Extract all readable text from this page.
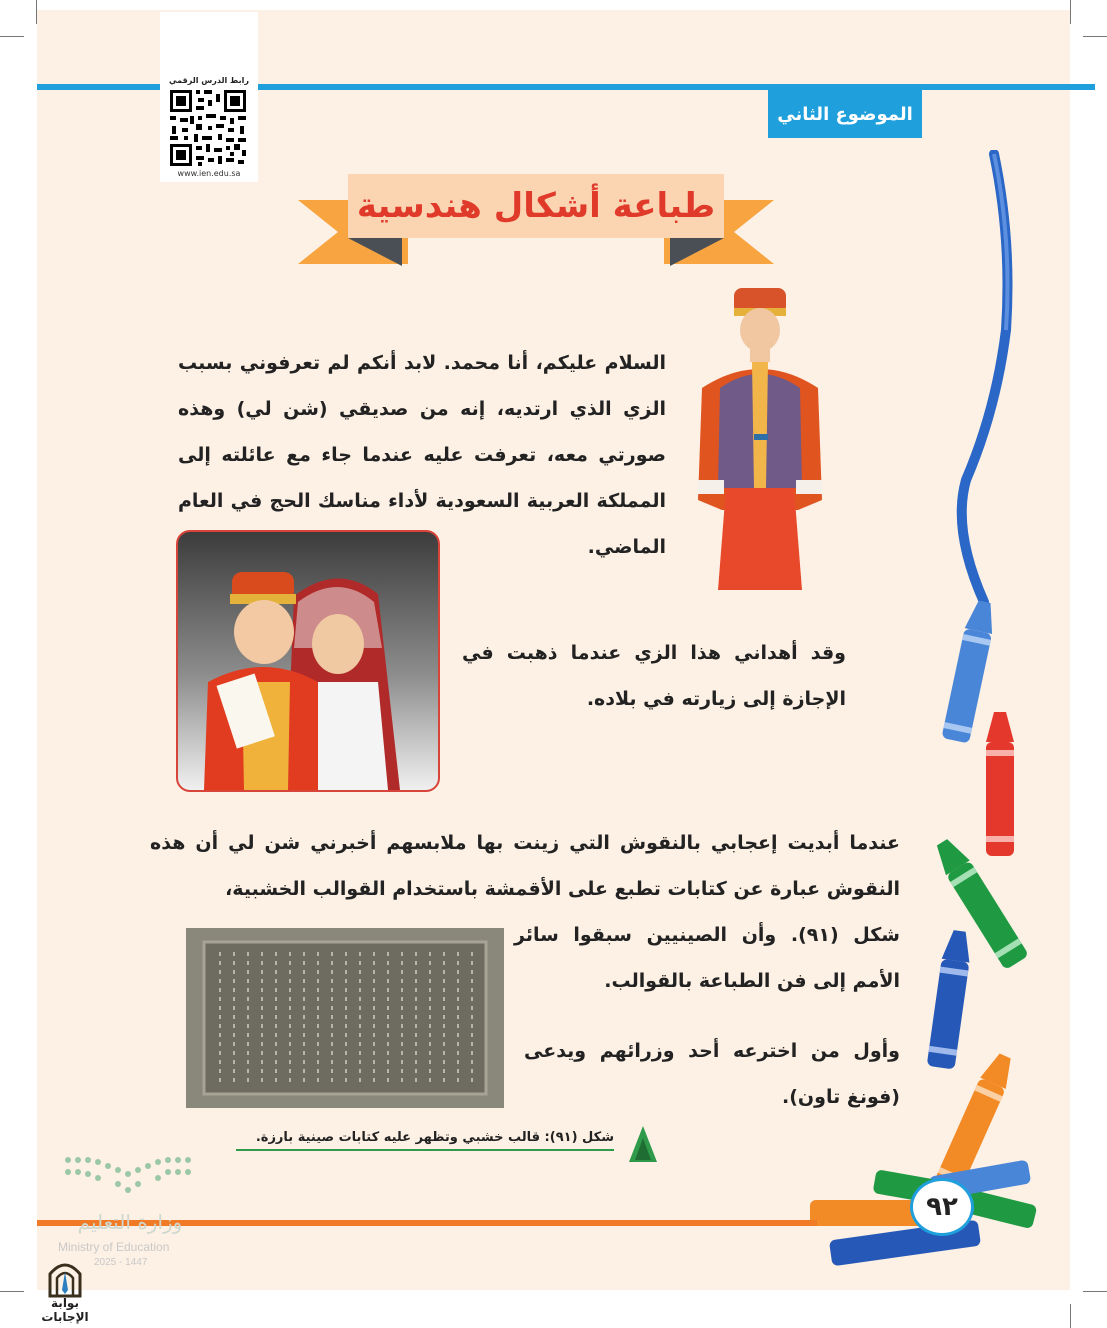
الموضوع الثاني
رابط الدرس الرقمي
www.ien.edu.sa
طباعة أشكال هندسية
السلام عليكم، أنا محمد. لابد أنكم لم تعرفوني بسبب الزي الذي ارتديه، إنه من صديقي (شن لي) وهذه صورتي معه، تعرفت عليه عندما جاء مع عائلته إلى المملكة العربية السعودية لأداء مناسك الحج في العام الماضي.
وقد أهداني هذا الزي عندما ذهبت في الإجازة إلى زيارته في بلاده.
عندما أبديت إعجابي بالنقوش التي زينت بها ملابسهم أخبرني شن لي أن هذه النقوش عبارة عن كتابات تطبع على الأقمشة باستخدام القوالب الخشبية،
شكل (٩١). وأن الصينيين سبقوا سائر الأمم إلى فن الطباعة بالقوالب.
وأول من اخترعه أحد وزرائهم ويدعى (فونغ تاون).
شكل (٩١): قالب خشبي وتظهر عليه كتابات صينية بارزة.
٩٢
وزارة التعليم
Ministry of Education
2025 - 1447
بوابة الإجابات
